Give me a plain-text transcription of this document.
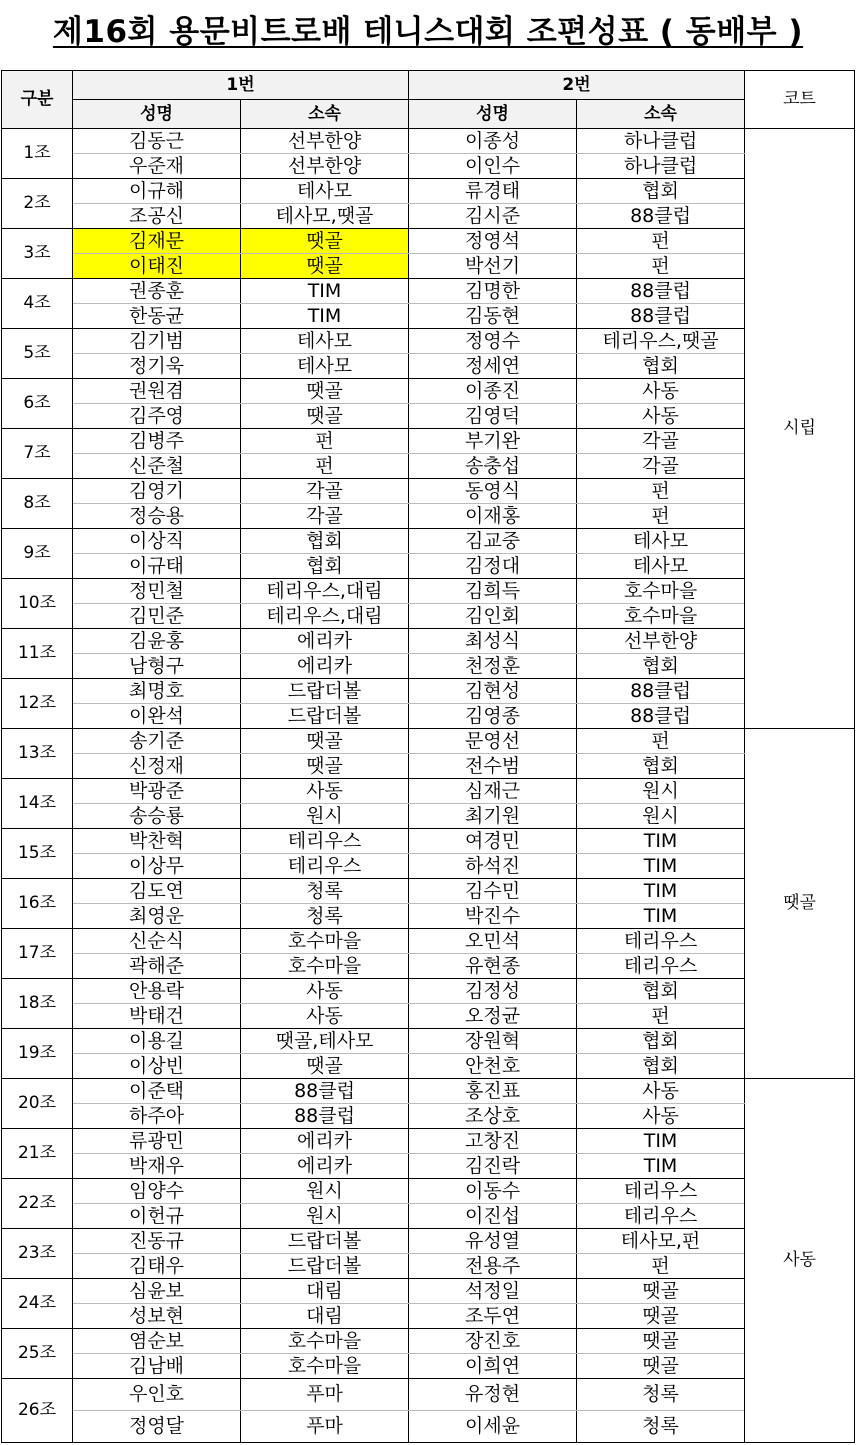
제16회 용문비트로배 테니스대회 조편성표 ( 동배부 )
구분	1번		2번		코트
	성명	소속	성명	소속	
1조	김동근	선부한양	이종성	하나클럽	시립
	우준재	선부한양	이인수	하나클럽	
2조	이규해	테사모	류경태	협회	
	조공신	테사모,땟골	김시준	88클럽	
3조	김재문	땟골	정영석	펀	
	이태진	땟골	박선기	펀	
4조	권종훈	TIM	김명한	88클럽	
	한동균	TIM	김동현	88클럽	
5조	김기범	테사모	정영수	테리우스,땟골	
	정기욱	테사모	정세연	협회	
6조	권원겸	땟골	이종진	사동	
	김주영	땟골	김영덕	사동	
7조	김병주	펀	부기완	각골	
	신준철	펀	송충섭	각골	
8조	김영기	각골	동영식	펀	
	정승용	각골	이재홍	펀	
9조	이상직	협회	김교중	테사모	
	이규태	협회	김정대	테사모	
10조	정민철	테리우스,대림	김희득	호수마을	
	김민준	테리우스,대림	김인회	호수마을	
11조	김윤홍	에리카	최성식	선부한양	
	남형구	에리카	천정훈	협회	
12조	최명호	드랍더볼	김현성	88클럽	
	이완석	드랍더볼	김영종	88클럽	
13조	송기준	땟골	문영선	펀	땟골
	신정재	땟골	전수범	협회	
14조	박광준	사동	심재근	원시	
	송승룡	원시	최기원	원시	
15조	박찬혁	테리우스	여경민	TIM	
	이상무	테리우스	하석진	TIM	
16조	김도연	청록	김수민	TIM	
	최영운	청록	박진수	TIM	
17조	신순식	호수마을	오민석	테리우스	
	곽해준	호수마을	유현종	테리우스	
18조	안용락	사동	김정성	협회	
	박태건	사동	오정균	펀	
19조	이용길	땟골,테사모	장원혁	협회	
	이상빈	땟골	안천호	협회	
20조	이준택	88클럽	홍진표	사동	사동
	하주아	88클럽	조상호	사동	
21조	류광민	에리카	고창진	TIM	
	박재우	에리카	김진락	TIM	
22조	임양수	원시	이동수	테리우스	
	이헌규	원시	이진섭	테리우스	
23조	진동규	드랍더볼	유성열	테사모,펀	
	김태우	드랍더볼	전용주	펀	
24조	심윤보	대림	석정일	땟골	
	성보현	대림	조두연	땟골	
25조	염순보	호수마을	장진호	땟골	
	김남배	호수마을	이희연	땟골	
26조	우인호	푸마	유정현	청록	
	정영달	푸마	이세윤	청록	
